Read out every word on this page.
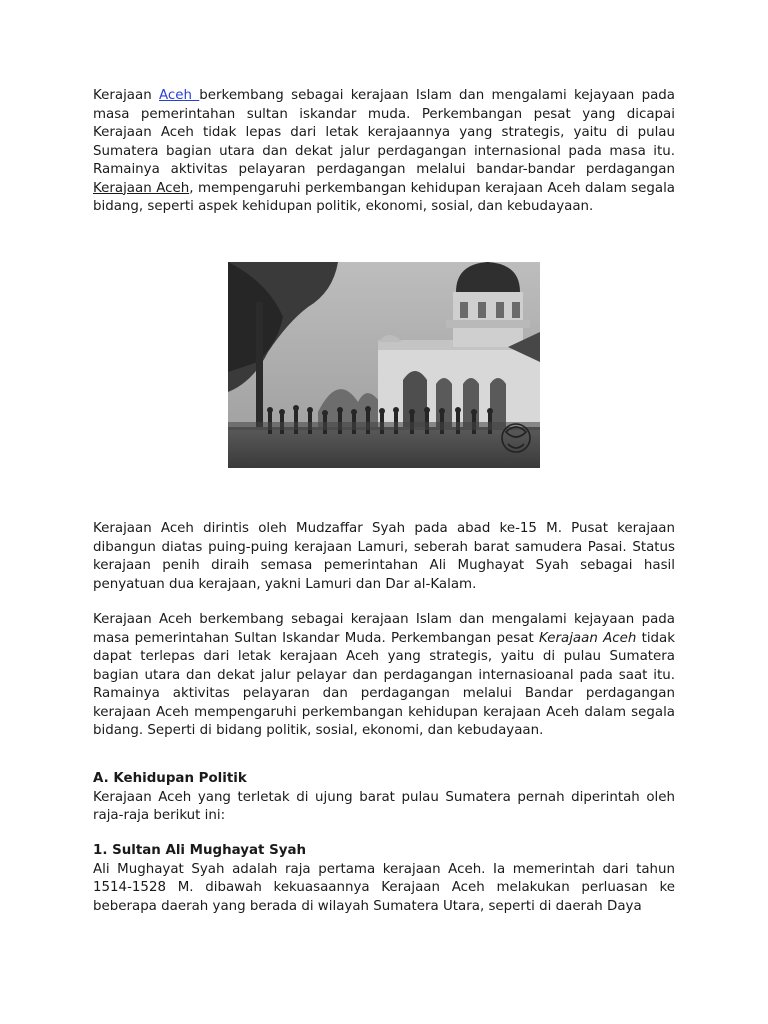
Kerajaan Aceh berkembang sebagai kerajaan Islam dan mengalami kejayaan pada masa pemerintahan sultan iskandar muda. Perkembangan pesat yang dicapai Kerajaan Aceh tidak lepas dari letak kerajaannya yang strategis, yaitu di pulau Sumatera bagian utara dan dekat jalur perdagangan internasional pada masa itu. Ramainya aktivitas pelayaran perdagangan melalui bandar-bandar perdagangan Kerajaan Aceh, mempengaruhi perkembangan kehidupan kerajaan Aceh dalam segala bidang, seperti aspek kehidupan politik, ekonomi, sosial, dan kebudayaan.

Kerajaan Aceh dirintis oleh Mudzaffar Syah pada abad ke-15 M. Pusat kerajaan dibangun diatas puing-puing kerajaan Lamuri, seberah barat samudera Pasai. Status kerajaan penih diraih semasa pemerintahan Ali Mughayat Syah sebagai hasil penyatuan dua kerajaan, yakni Lamuri dan Dar al-Kalam.

Kerajaan Aceh berkembang sebagai kerajaan Islam dan mengalami kejayaan pada masa pemerintahan Sultan Iskandar Muda. Perkembangan pesat Kerajaan Aceh tidak dapat terlepas dari letak kerajaan Aceh yang strategis, yaitu di pulau Sumatera bagian utara dan dekat jalur pelayar dan perdagangan internasioanal pada saat itu. Ramainya aktivitas pelayaran dan perdagangan melalui Bandar perdagangan kerajaan Aceh mempengaruhi perkembangan kehidupan kerajaan Aceh dalam segala bidang. Seperti di bidang politik, sosial, ekonomi, dan kebudayaan.

A. Kehidupan Politik

Kerajaan Aceh yang terletak di ujung barat pulau Sumatera pernah diperintah oleh raja-raja berikut ini:

1. Sultan Ali Mughayat Syah

Ali Mughayat Syah adalah raja pertama kerajaan Aceh. Ia memerintah dari tahun 1514-1528 M. dibawah kekuasaannya Kerajaan Aceh melakukan perluasan ke beberapa daerah yang berada di wilayah Sumatera Utara, seperti di daerah Daya
